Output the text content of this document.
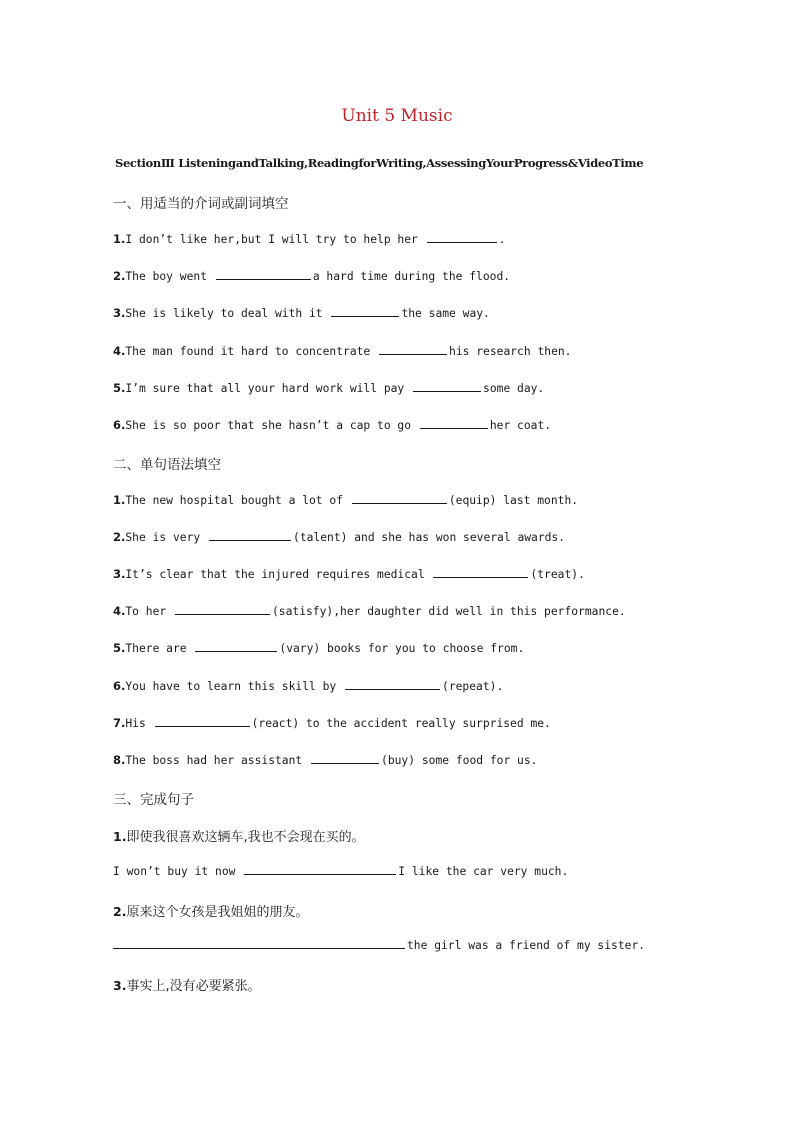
Unit 5 Music
SectionⅢ ListeningandTalking,ReadingforWriting,AssessingYourProgress&VideoTime
一、用适当的介词或副词填空
1.I don’t like her,but I will try to help her	.
2.The boy went	a hard time during the flood.
3.She is likely to deal with it	the same way.
4.The man found it hard to concentrate	his research then.
5.I’m sure that all your hard work will pay	some day.
6.She is so poor that she hasn’t a cap to go	her coat.
二、单句语法填空
1.The new hospital bought a lot of	(equip) last month.
2.She is very	(talent) and she has won several awards.
3.It’s clear that the injured requires medical	(treat).
4.To her	(satisfy),her daughter did well in this performance.
5.There are	(vary) books for you to choose from.
6.You have to learn this skill by	(repeat).
7.His	(react) to the accident really surprised me.
8.The boss had her assistant	(buy) some food for us.
三、完成句子
1.即使我很喜欢这辆车,我也不会现在买的。
I won’t buy it now	I like the car very much.
2.原来这个女孩是我姐姐的朋友。
the girl was a friend of my sister.
3.事实上,没有必要紧张。
